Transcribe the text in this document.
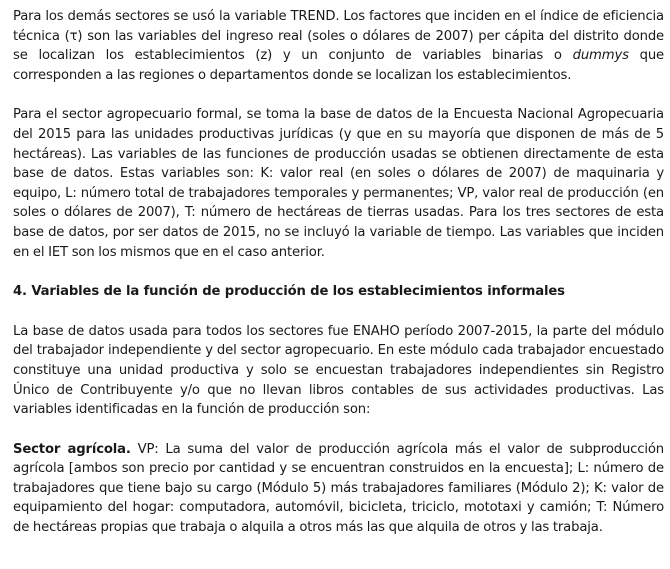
Para los demás sectores se usó la variable TREND. Los factores que inciden en el índice de eficiencia técnica (τ) son las variables del ingreso real (soles o dólares de 2007) per cápita del distrito donde se localizan los establecimientos (z) y un conjunto de variables binarias o dummys que corresponden a las regiones o departamentos donde se localizan los establecimientos.

Para el sector agropecuario formal, se toma la base de datos de la Encuesta Nacional Agropecuaria del 2015 para las unidades productivas jurídicas (y que en su mayoría que disponen de más de 5 hectáreas). Las variables de las funciones de producción usadas se obtienen directamente de esta base de datos. Estas variables son: K: valor real (en soles o dólares de 2007) de maquinaria y equipo, L: número total de trabajadores temporales y permanentes; VP, valor real de producción (en soles o dólares de 2007), T: número de hectáreas de tierras usadas. Para los tres sectores de esta base de datos, por ser datos de 2015, no se incluyó la variable de tiempo. Las variables que inciden en el IET son los mismos que en el caso anterior.

4. Variables de la función de producción de los establecimientos informales

La base de datos usada para todos los sectores fue ENAHO período 2007-2015, la parte del módulo del trabajador independiente y del sector agropecuario. En este módulo cada trabajador encuestado constituye una unidad productiva y solo se encuestan trabajadores independientes sin Registro Único de Contribuyente y/o que no llevan libros contables de sus actividades productivas. Las variables identificadas en la función de producción son:

Sector agrícola. VP: La suma del valor de producción agrícola más el valor de subproducción agrícola [ambos son precio por cantidad y se encuentran construidos en la encuesta]; L: número de trabajadores que tiene bajo su cargo (Módulo 5) más trabajadores familiares (Módulo 2); K: valor de equipamiento del hogar: computadora, automóvil, bicicleta, triciclo, mototaxi y camión; T: Número de hectáreas propias que trabaja o alquila a otros más las que alquila de otros y las trabaja.
